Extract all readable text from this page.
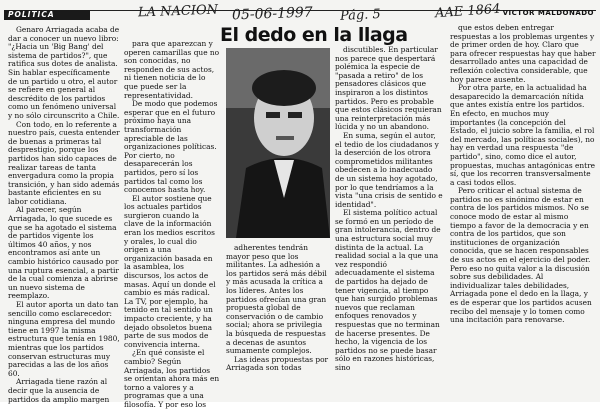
POLITICA	VICTOR MALDONADO
LA NACION 05-06-1997 Pág. 5	AAE 1864
El dedo en la llaga

Genaro Arriagada acaba de dar a conocer un nuevo libro: "¿Hacia un 'Big Bang' del sistema de partidos?", que ratifica sus dotes de analista. Sin hablar específicamente de un partido u otro, el autor se refiere en general al descrédito de los partidos como un fenómeno universal y no sólo circunscrito a Chile.

Con todo, en lo referente a nuestro país, cuesta entender de buenas a primeras tal desprestigio, porque los partidos han sido capaces de realizar tareas de tanta envergadura como la propia transición, y han sido además bastante eficientes en su labor cotidiana.

Al parecer, según Arriagada, lo que sucede es que se ha agotado el sistema de partidos vigente los últimos 40 años, y nos encontramos así ante un cambio histórico causado por una ruptura esencial, a partir de la cual comienza a abrirse un nuevo sistema de reemplazo.

El autor aporta un dato tan sencillo como esclarecedor: ninguna empresa del mundo tiene en 1997 la misma estructura que tenía en 1980, mientras que los partidos conservan estructuras muy parecidas a las de los años 60.

Arriagada tiene razón al decir que la ausencia de partidos da amplio margen

para que aparezcan y operen camarillas que no son conocidas, no responden de sus actos, ni tienen noticia de lo que puede ser la representatividad.

De modo que podemos esperar que en el futuro próximo haya una transformación apreciable de las organizaciones políticas. Por cierto, no desaparecerán los partidos, pero sí los partidos tal como los conocemos hasta hoy.

El autor sostiene que los actuales partidos surgieron cuando la clave de la información eran los medios escritos y orales, lo cual dio origen a una organización basada en la asamblea, los discursos, los actos de masas. Aquí un donde el cambio es más radical. La TV, por ejemplo, ha tenido en tal sentido un impacto creciente, y ha dejado obsoletos buena parte de sus modos de convivencia interna.

¿En qué consiste el cambio? Según Arriagada, los partidos se orientan ahora más en torno a valores y a programas que a una filosofía. Y por eso los

adherentes tendrán mayor peso que los militantes. La adhesión a los partidos será más débil y más acusada la crítica a los líderes. Antes los partidos ofrecían una gran propuesta global de conservación o de cambio social; ahora se privilegia la búsqueda de respuestas a decenas de asuntos sumamente complejos.

Las ideas propuestas por Arriagada son todas

discutibles. En particular nos parece que despertará polémica la especie de "pasada a retiro" de los pensadores clásicos que inspiraron a los distintos partidos. Pero es probable que estos clásicos requieran una reinterpretación más lúcida y no un abandono.

En suma, según el autor, el tedio de los ciudadanos y la deserción de los otrora comprometidos militantes obedecen a lo inadecuado de un sistema hoy agotado, por lo que tendríamos a la vista "una crisis de sentido e identidad".

El sistema político actual se formó en un período de gran intolerancia, dentro de una estructura social muy distinta de la actual. La realidad social a la que una vez respondió adecuadamente el sistema de partidos ha dejado de tener vigencia, al tiempo que han surgido problemas nuevos que reclaman enfoques renovados y respuestas que no terminan de hacerse presentes. De hecho, la vigencia de los partidos no se puede basar sólo en razones históricas, sino

que estos deben entregar respuestas a los problemas urgentes y de primer orden de hoy. Claro que para ofrecer respuestas hay que haber desarrollado antes una capacidad de reflexión colectiva considerable, que hoy parece ausente.

Por otra parte, en la actualidad ha desaparecido la demarcación nítida que antes existía entre los partidos. En efecto, en muchos muy importantes (la concepción del Estado, el juicio sobre la familia, el rol del mercado, las políticas sociales), no hay en verdad una respuesta "de partido", sino, como dice el autor, propuestas, muchas antagónicas entre sí, que los recorren transversalmente a casi todos ellos.

Pero criticar el actual sistema de partidos no es sinónimo de estar en contra de los partidos mismos. No se conoce modo de estar al mismo tiempo a favor de la democracia y en contra de los partidos, que son instituciones de organización conocida, que se hacen responsables de sus actos en el ejercicio del poder. Pero eso no quita valor a la discusión sobre sus debilidades. Al individualizar tales debilidades, Arriagada pone el dedo en la llaga, y es de esperar que los partidos acusen recibo del mensaje y lo tomen como una incitación para renovarse.
